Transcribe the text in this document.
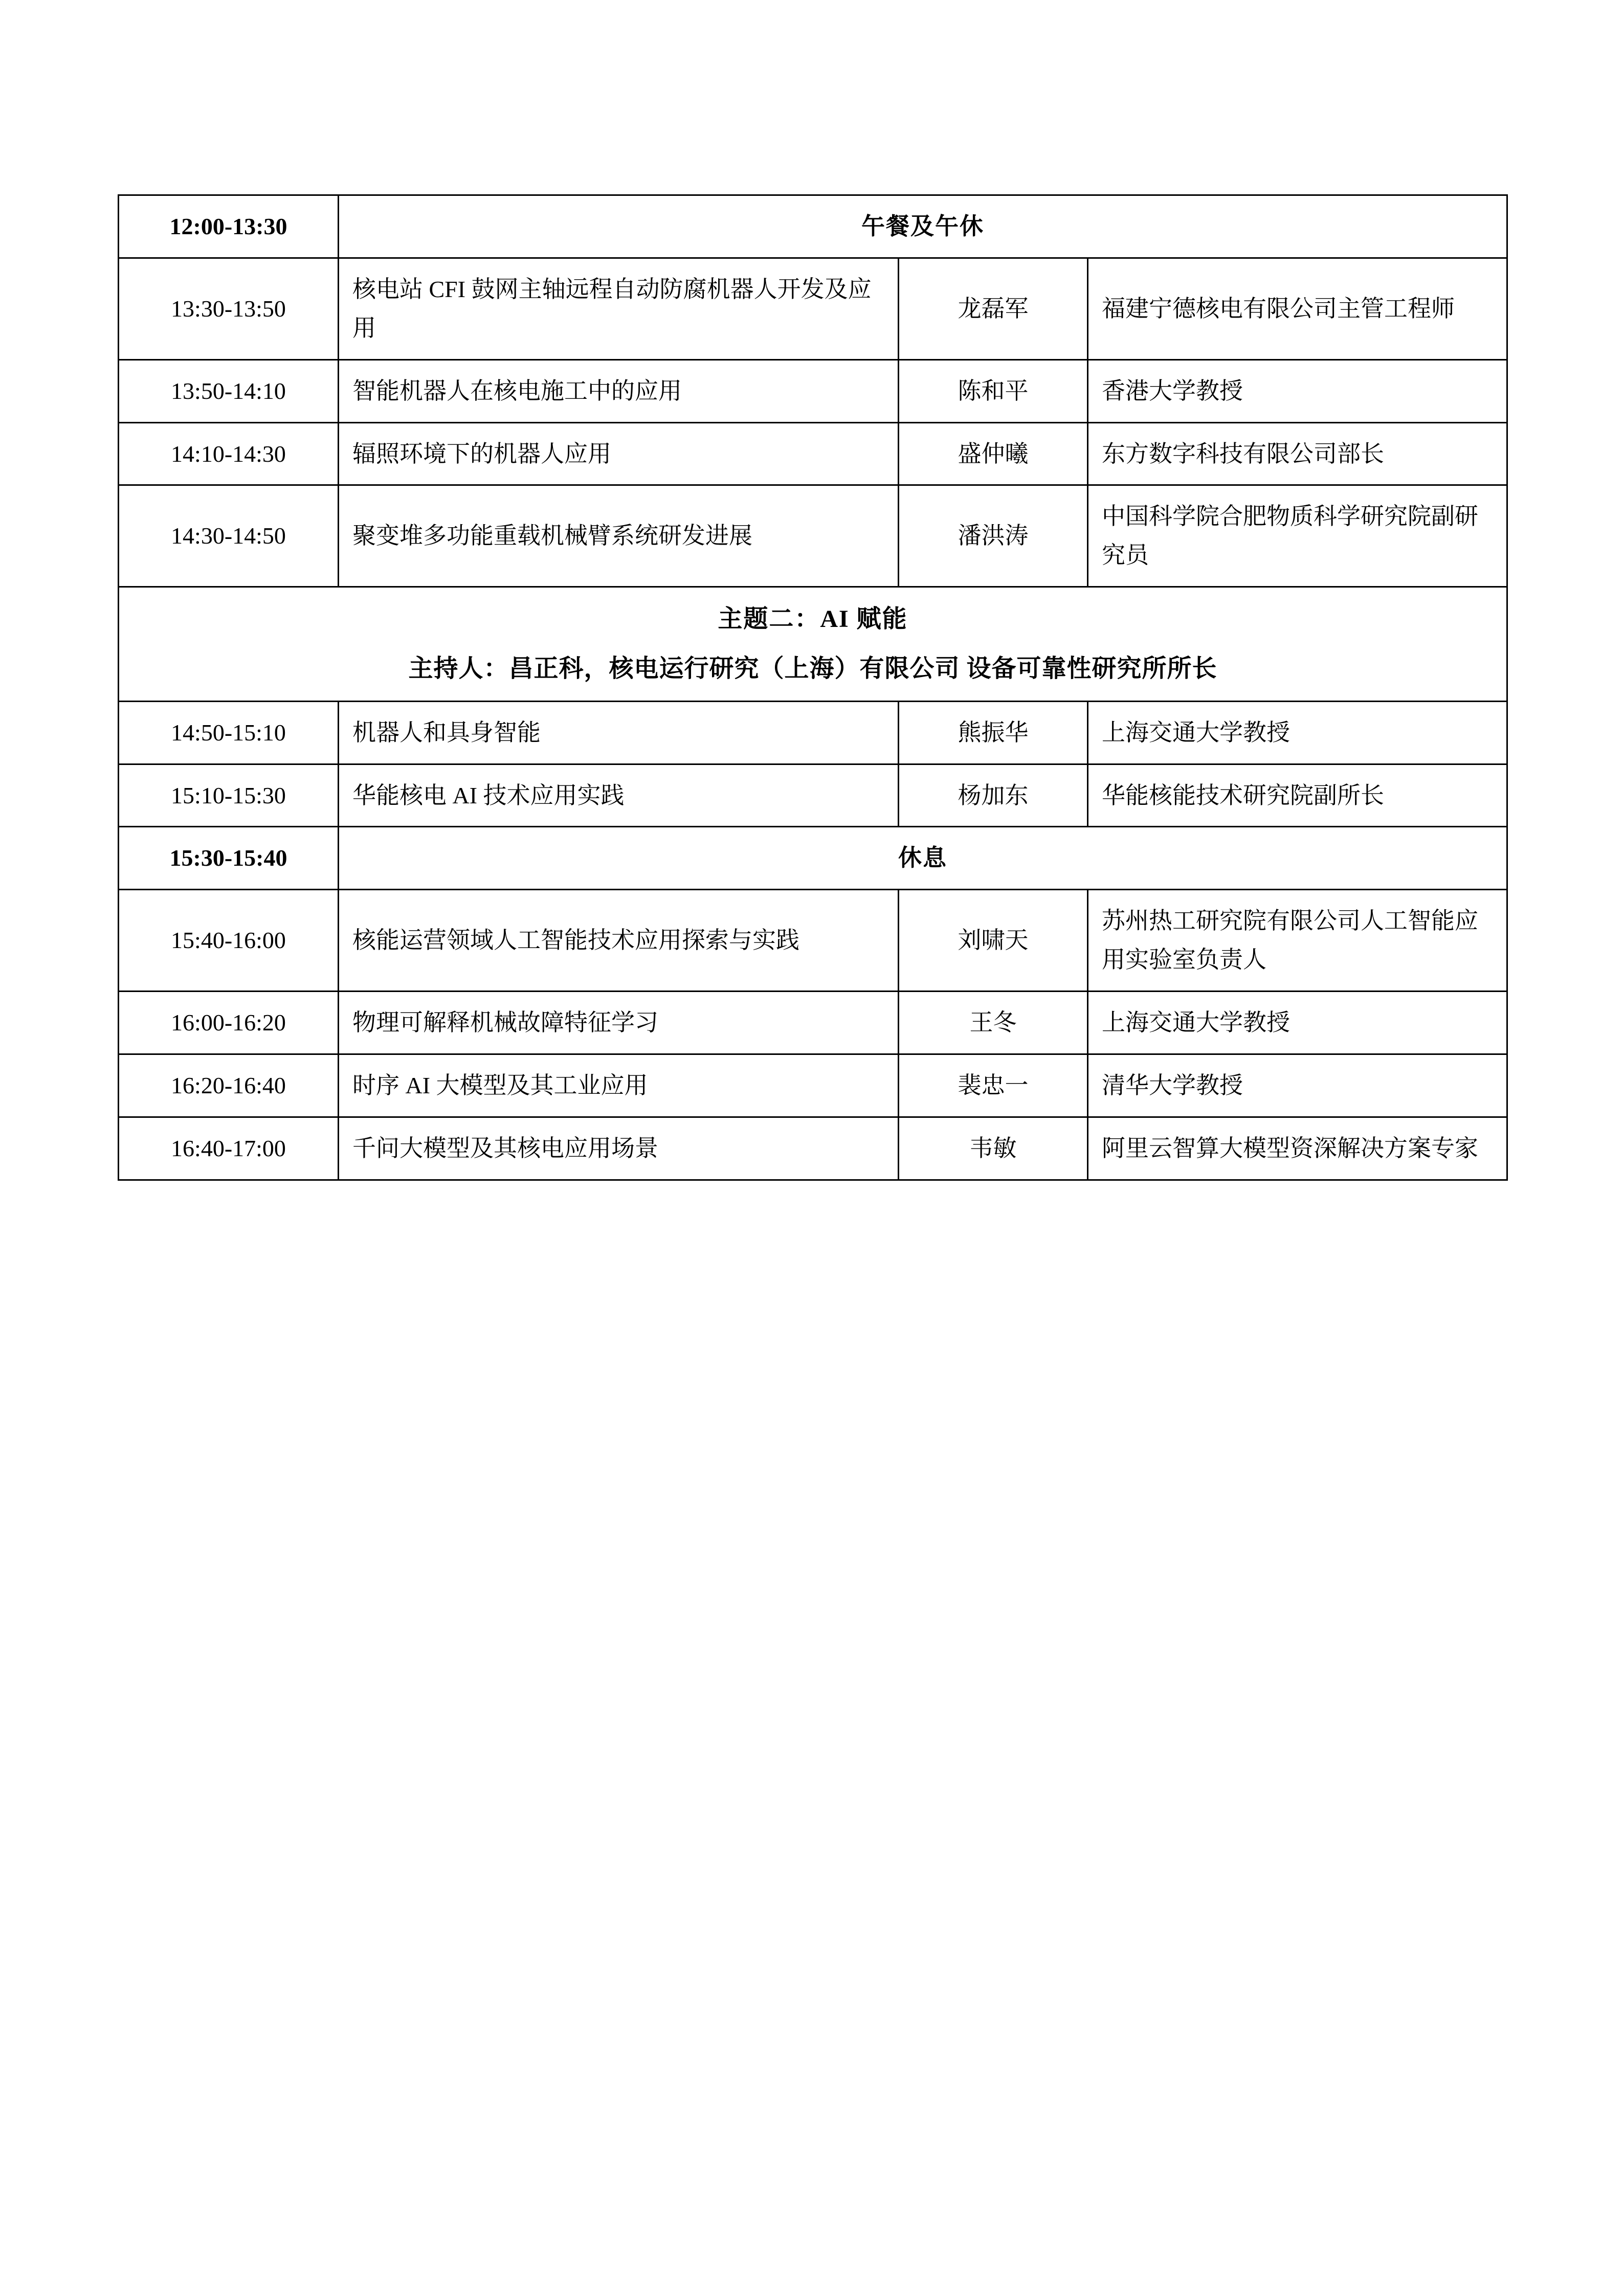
12:00-13:30	午餐及午休		
13:30-13:50	核电站 CFI 鼓网主轴远程自动防腐机器人开发及应用	龙磊军	福建宁德核电有限公司主管工程师
13:50-14:10	智能机器人在核电施工中的应用	陈和平	香港大学教授
14:10-14:30	辐照环境下的机器人应用	盛仲曦	东方数字科技有限公司部长
14:30-14:50	聚变堆多功能重载机械臂系统研发进展	潘洪涛	中国科学院合肥物质科学研究院副研究员

主题二：AI 赋能
主持人：昌正科，核电运行研究（上海）有限公司 设备可靠性研究所所长			

14:50-15:10	机器人和具身智能	熊振华	上海交通大学教授
15:10-15:30	华能核电 AI 技术应用实践	杨加东	华能核能技术研究院副所长
15:30-15:40	休息		
15:40-16:00	核能运营领域人工智能技术应用探索与实践	刘啸天	苏州热工研究院有限公司人工智能应用实验室负责人
16:00-16:20	物理可解释机械故障特征学习	王冬	上海交通大学教授
16:20-16:40	时序 AI 大模型及其工业应用	裴忠一	清华大学教授
16:40-17:00	千问大模型及其核电应用场景	韦敏	阿里云智算大模型资深解决方案专家
